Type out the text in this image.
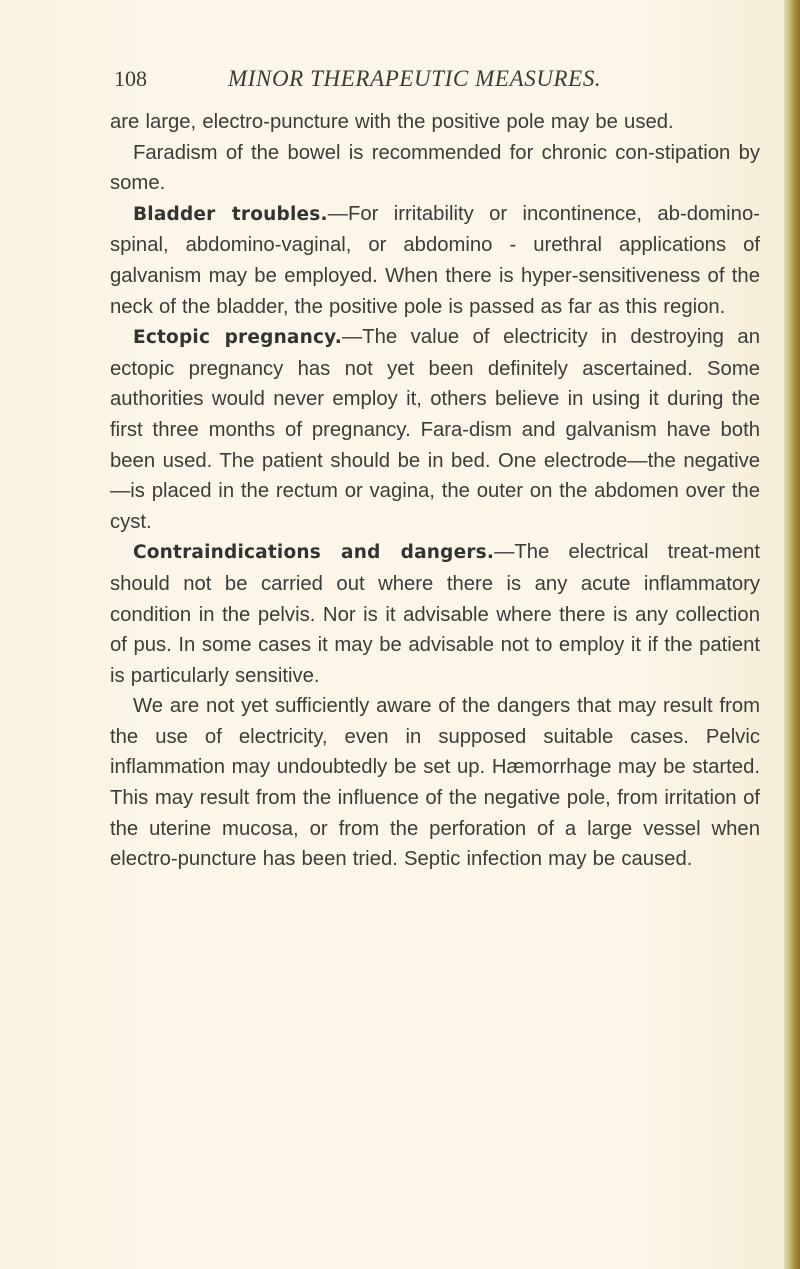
108	MINOR THERAPEUTIC MEASURES.

are large, electro-puncture with the positive pole may be used.

Faradism of the bowel is recommended for chronic con-stipation by some.

Bladder troubles.—For irritability or incontinence, ab-domino-spinal, abdomino-vaginal, or abdomino - urethral applications of galvanism may be employed. When there is hyper-sensitiveness of the neck of the bladder, the positive pole is passed as far as this region.

Ectopic pregnancy.—The value of electricity in destroying an ectopic pregnancy has not yet been definitely ascertained. Some authorities would never employ it, others believe in using it during the first three months of pregnancy. Fara-dism and galvanism have both been used. The patient should be in bed. One electrode—the negative—is placed in the rectum or vagina, the outer on the abdomen over the cyst.

Contraindications and dangers.—The electrical treat-ment should not be carried out where there is any acute inflammatory condition in the pelvis. Nor is it advisable where there is any collection of pus. In some cases it may be advisable not to employ it if the patient is particularly sensitive.

We are not yet sufficiently aware of the dangers that may result from the use of electricity, even in supposed suitable cases. Pelvic inflammation may undoubtedly be set up. Hæmorrhage may be started. This may result from the influence of the negative pole, from irritation of the uterine mucosa, or from the perforation of a large vessel when electro-puncture has been tried. Septic infection may be caused.
